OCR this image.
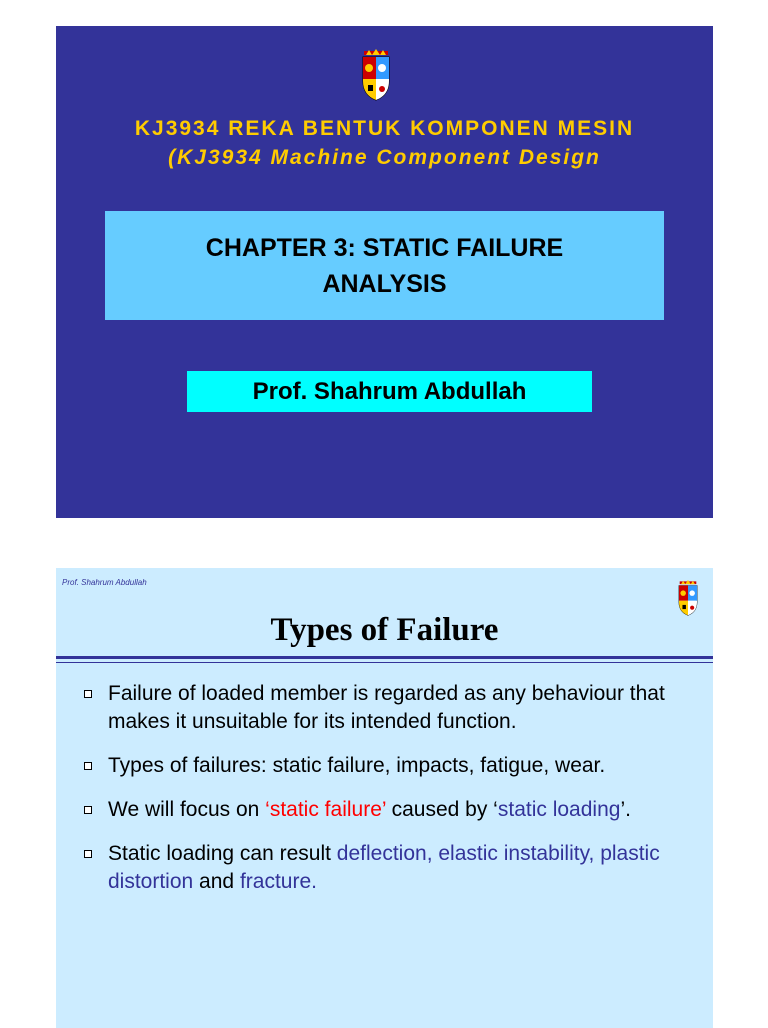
KJ3934 REKA BENTUK KOMPONEN MESIN
(KJ3934 Machine Component Design
CHAPTER 3: STATIC FAILURE ANALYSIS
Prof. Shahrum Abdullah
Prof. Shahrum Abdullah
Types of Failure
Failure of loaded member is regarded as any behaviour that makes it unsuitable for its intended function.
Types of failures: static failure, impacts, fatigue, wear.
We will focus on ‘static failure’ caused by ‘static loading’.
Static loading can result deflection, elastic instability, plastic distortion and fracture.
